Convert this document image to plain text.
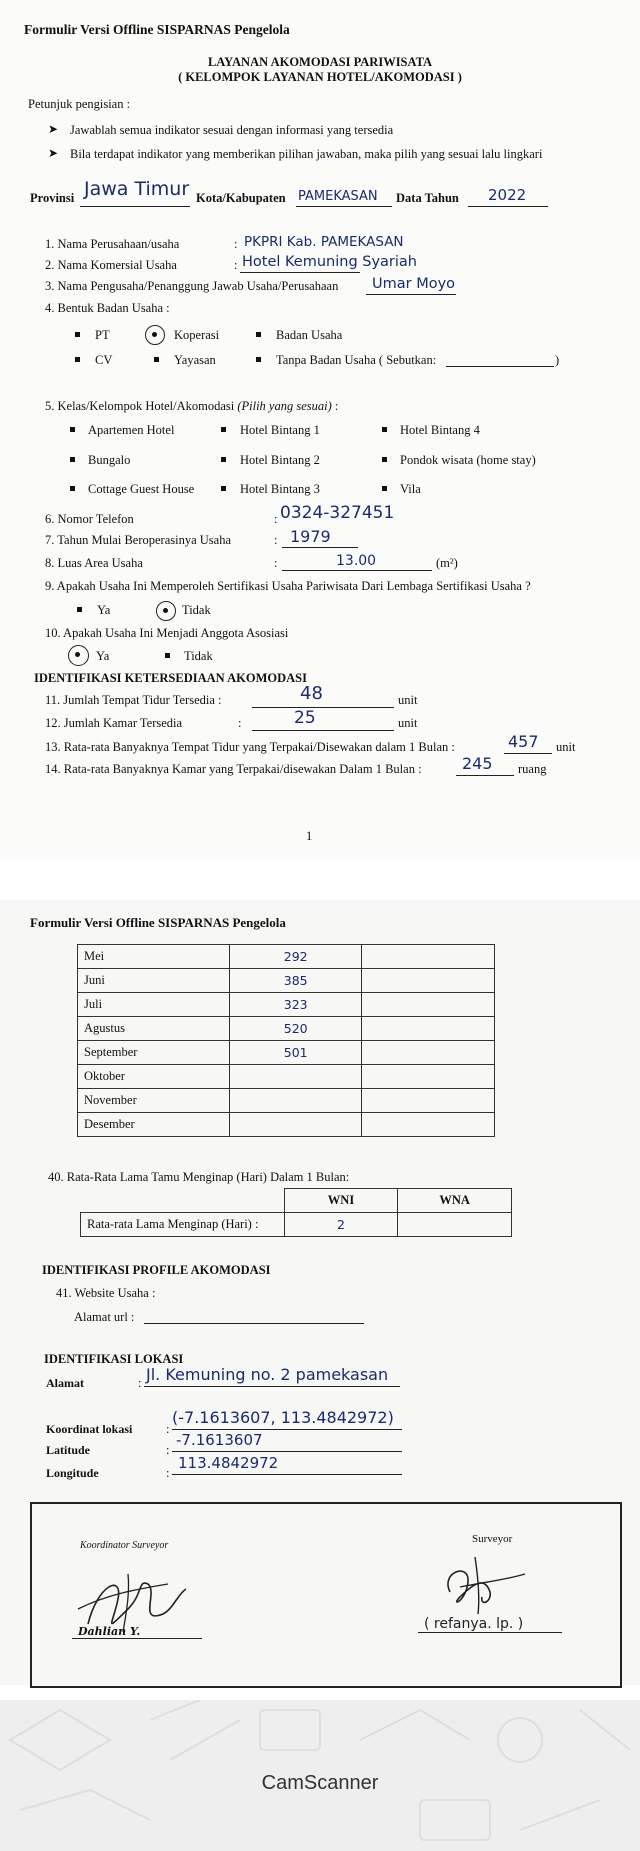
Formulir Versi Offline SISPARNAS Pengelola
LAYANAN AKOMODASI PARIWISATA
( KELOMPOK LAYANAN HOTEL/AKOMODASI )
Petunjuk pengisian :
➤ Jawablah semua indikator sesuai dengan informasi yang tersedia
➤ Bila terdapat indikator yang memberikan pilihan jawaban, maka pilih yang sesuai lalu lingkari
Provinsi Jawa Timur Kota/Kabupaten PAMEKASAN Data Tahun 2022
1. Nama Perusahaan/usaha	: PKPRI Kab. PAMEKASAN
2. Nama Komersial Usaha	: Hotel Kemuning Syariah
3. Nama Pengusaha/Penanggung Jawab Usaha/Perusahaan Umar Moyo
4. Bentuk Badan Usaha :
PT	Koperasi	Badan Usaha
CV	Yayasan	Tanpa Badan Usaha ( Sebutkan:	)
5. Kelas/Kelompok Hotel/Akomodasi (Pilih yang sesuai) :
Apartemen Hotel	Hotel Bintang 1	Hotel Bintang 4
Bungalo	Hotel Bintang 2	Pondok wisata (home stay)
Cottage Guest House	Hotel Bintang 3	Vila
6. Nomor Telefon	: 0324-327451
7. Tahun Mulai Beroperasinya Usaha	: 1979
8. Luas Area Usaha	:	13.00	(m²)
9. Apakah Usaha Ini Memperoleh Sertifikasi Usaha Pariwisata Dari Lembaga Sertifikasi Usaha ?
Ya	Tidak
10. Apakah Usaha Ini Menjadi Anggota Asosiasi
Ya	Tidak
IDENTIFIKASI KETERSEDIAAN AKOMODASI
11. Jumlah Tempat Tidur Tersedia :	48	unit
12. Jumlah Kamar Tersedia	:	25	unit
13. Rata-rata Banyaknya Tempat Tidur yang Terpakai/Disewakan dalam 1 Bulan :	457 unit
14. Rata-rata Banyaknya Kamar yang Terpakai/disewakan Dalam 1 Bulan :	245 ruang
1
Formulir Versi Offline SISPARNAS Pengelola
Mei	292	
Juni	385	
Juli	323	
Agustus	520	
September	501	
Oktober		
November		
Desember		
40. Rata-Rata Lama Tamu Menginap (Hari) Dalam 1 Bulan:
	WNI	WNA
Rata-rata Lama Menginap (Hari) :	2	
IDENTIFIKASI PROFILE AKOMODASI
41. Website Usaha :
Alamat url :
IDENTIFIKASI LOKASI
Alamat	: Jl. Kemuning no. 2 pamekasan
Koordinat lokasi	:
(-7.1613607, 113.4842972)
Latitude	:
-7.1613607
Longitude	:
113.4842972
Koordinator Surveyor
Dahlian Y.
Surveyor
( refanya. lp. )
CamScanner
